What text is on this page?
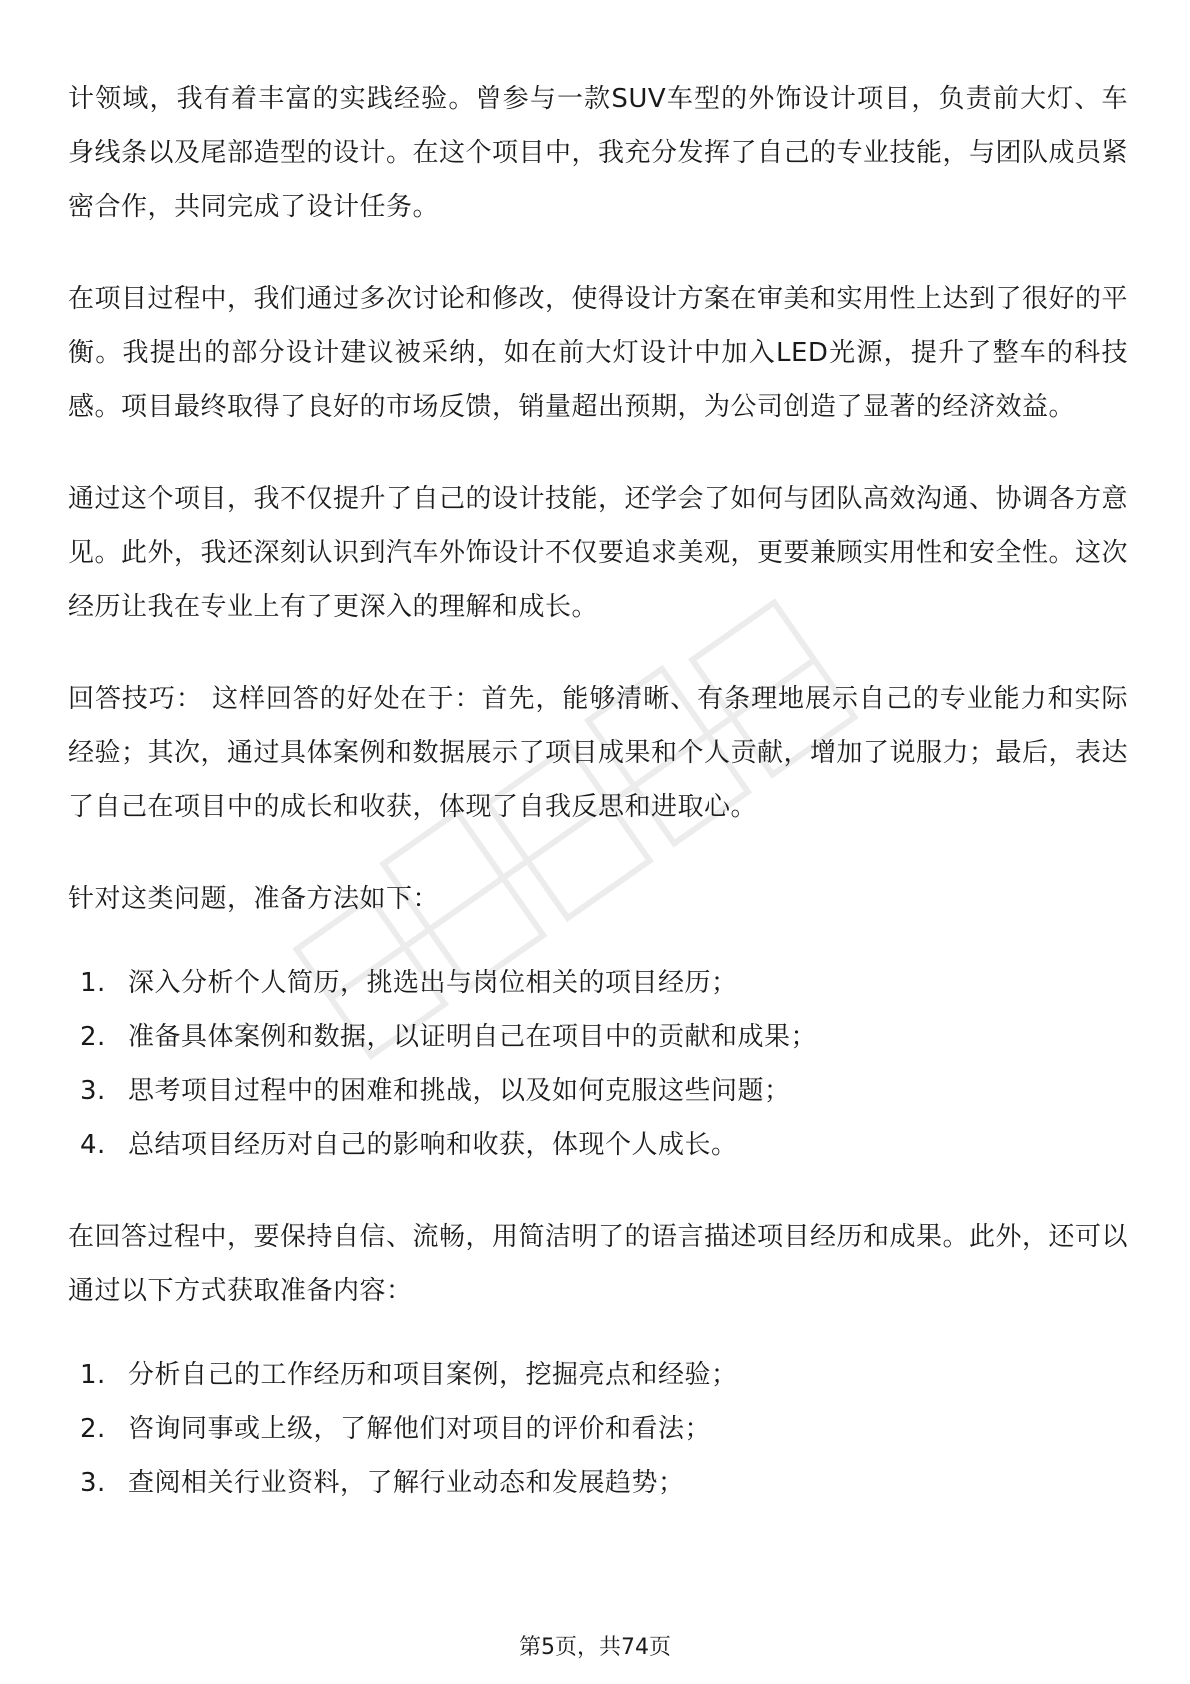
计领域，我有着丰富的实践经验。曾参与一款SUV车型的外饰设计项目，负责前大灯、车身线条以及尾部造型的设计。在这个项目中，我充分发挥了自己的专业技能，与团队成员紧密合作，共同完成了设计任务。

在项目过程中，我们通过多次讨论和修改，使得设计方案在审美和实用性上达到了很好的平衡。我提出的部分设计建议被采纳，如在前大灯设计中加入LED光源，提升了整车的科技感。项目最终取得了良好的市场反馈，销量超出预期，为公司创造了显著的经济效益。

通过这个项目，我不仅提升了自己的设计技能，还学会了如何与团队高效沟通、协调各方意见。此外，我还深刻认识到汽车外饰设计不仅要追求美观，更要兼顾实用性和安全性。这次经历让我在专业上有了更深入的理解和成长。

回答技巧： 这样回答的好处在于：首先，能够清晰、有条理地展示自己的专业能力和实际经验；其次，通过具体案例和数据展示了项目成果和个人贡献，增加了说服力；最后，表达了自己在项目中的成长和收获，体现了自我反思和进取心。

针对这类问题，准备方法如下：

1. 深入分析个人简历，挑选出与岗位相关的项目经历；
2. 准备具体案例和数据，以证明自己在项目中的贡献和成果；
3. 思考项目过程中的困难和挑战，以及如何克服这些问题；
4. 总结项目经历对自己的影响和收获，体现个人成长。

在回答过程中，要保持自信、流畅，用简洁明了的语言描述项目经历和成果。此外，还可以通过以下方式获取准备内容：

1. 分析自己的工作经历和项目案例，挖掘亮点和经验；
2. 咨询同事或上级，了解他们对项目的评价和看法；
3. 查阅相关行业资料，了解行业动态和发展趋势；
第5页，共74页
